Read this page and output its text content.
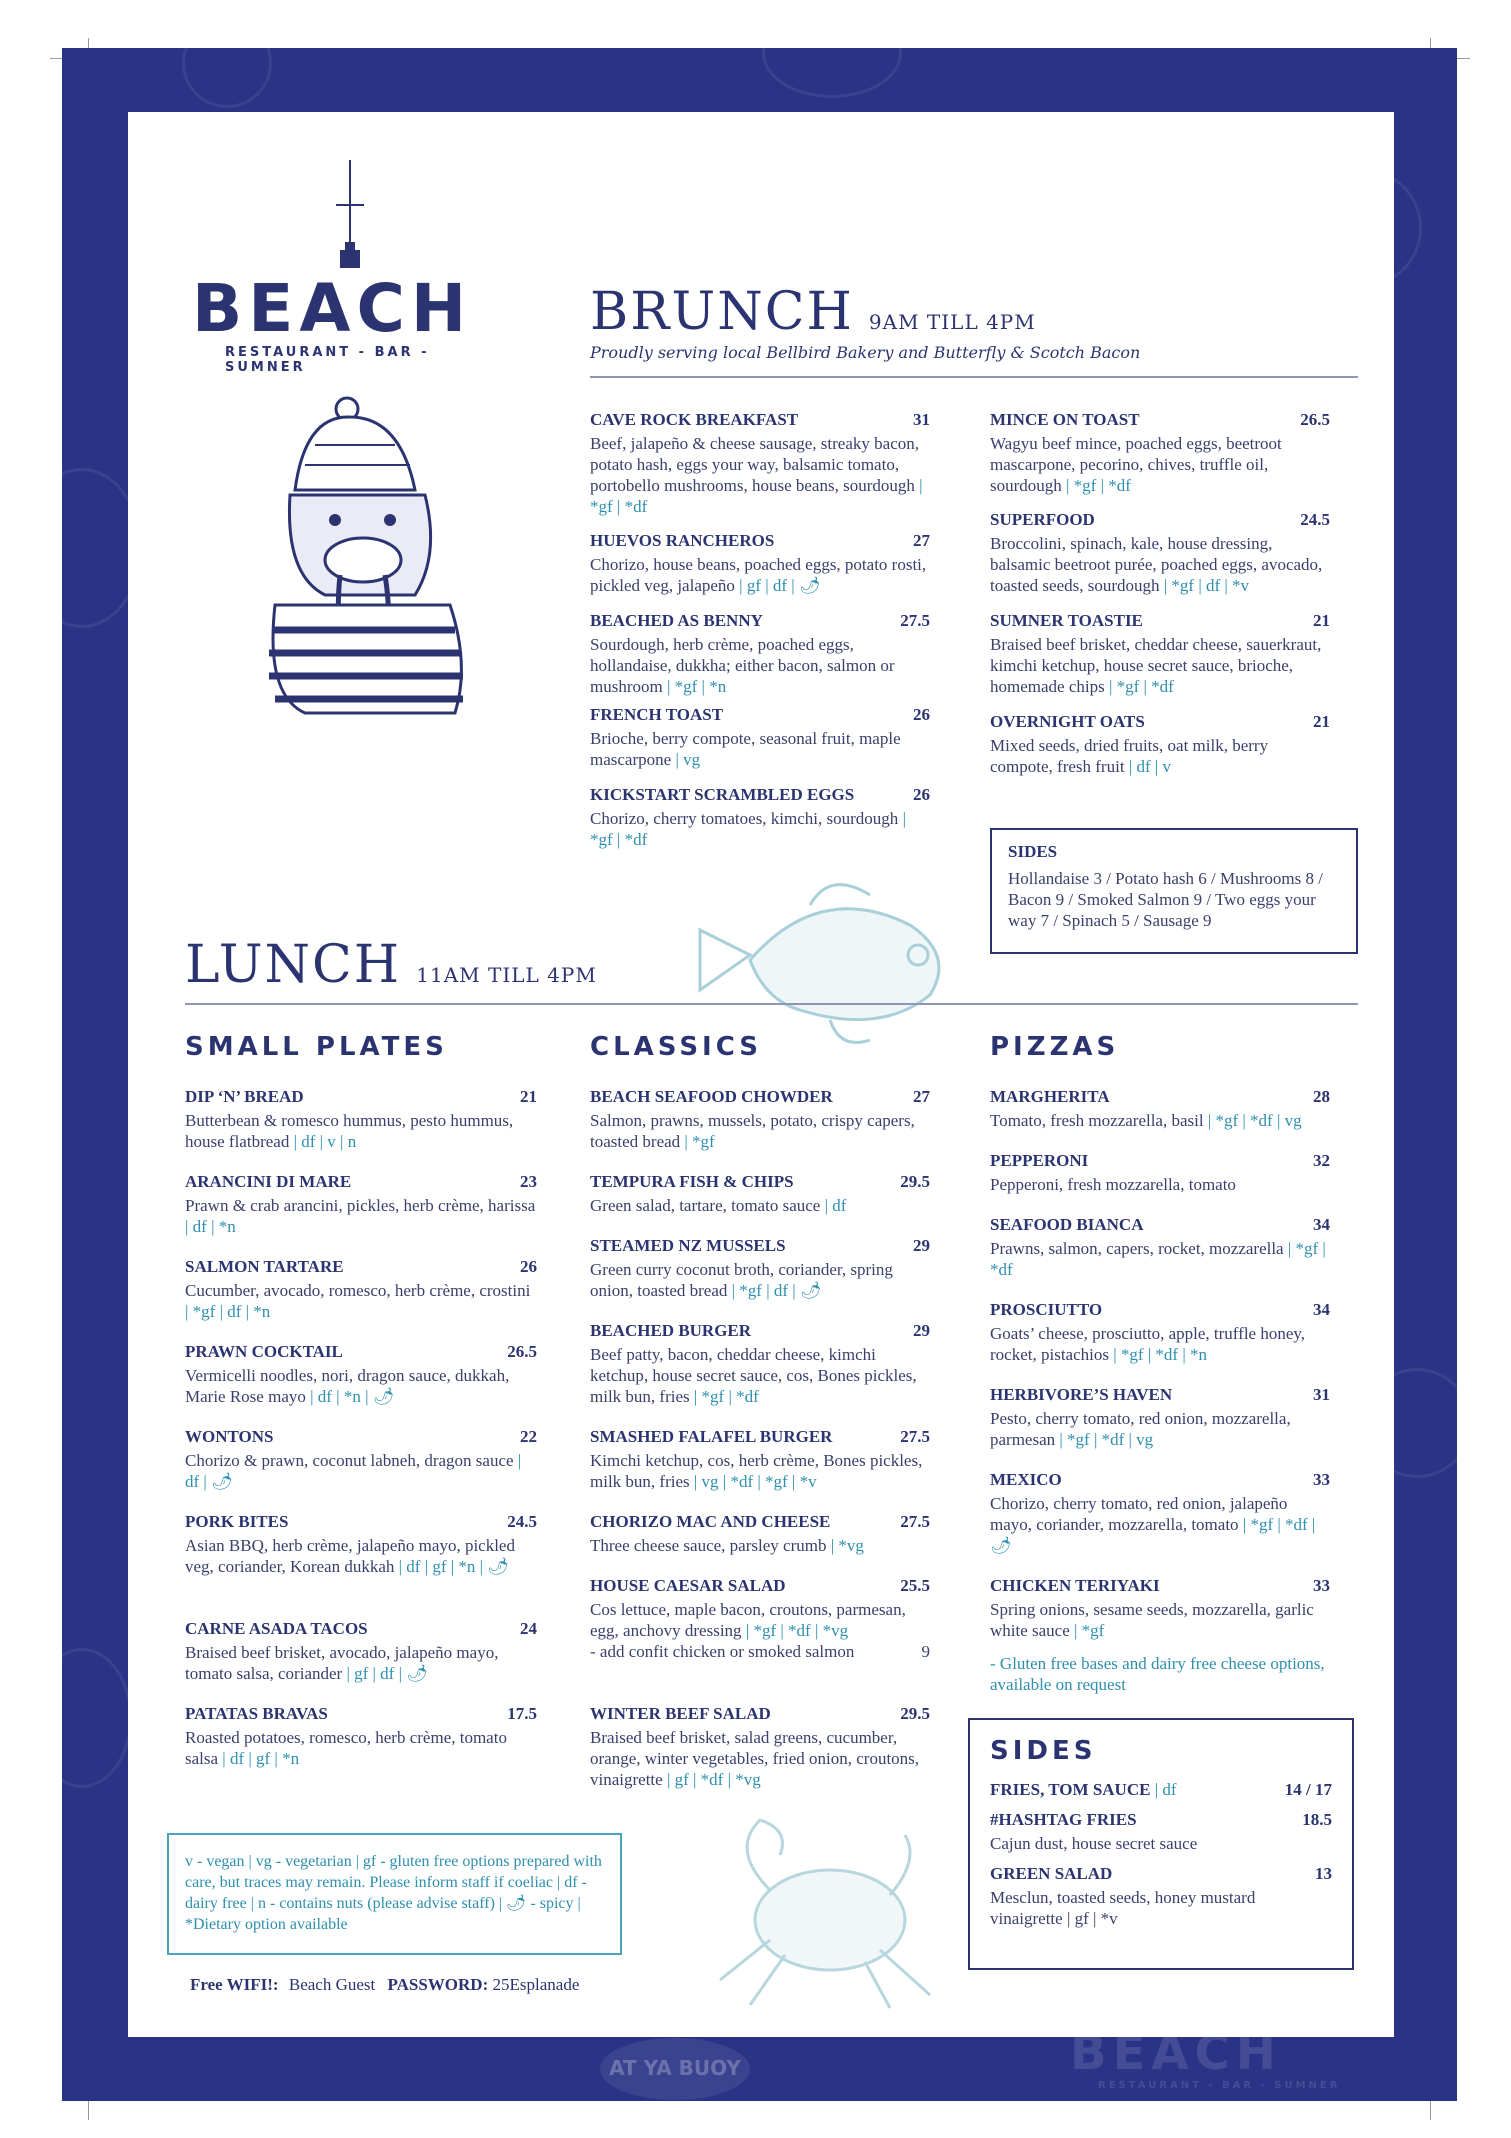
BEACH
RESTAURANT - BAR - SUMNER
BRUNCH 9AM TILL 4PM
Proudly serving local Bellbird Bakery and Butterfly & Scotch Bacon
CAVE ROCK BREAKFAST	31
Beef, jalapeño & cheese sausage, streaky bacon, potato hash, eggs your way, balsamic tomato, portobello mushrooms, house beans, sourdough | *gf | *df
HUEVOS RANCHEROS	27
Chorizo, house beans, poached eggs, potato rosti, pickled veg, jalapeño | gf | df | 🌶
BEACHED AS BENNY	27.5
Sourdough, herb crème, poached eggs, hollandaise, dukkha; either bacon, salmon or mushroom | *gf | *n
FRENCH TOAST	26
Brioche, berry compote, seasonal fruit, maple mascarpone | vg
KICKSTART SCRAMBLED EGGS	26
Chorizo, cherry tomatoes, kimchi, sourdough | *gf | *df
MINCE ON TOAST	26.5
Wagyu beef mince, poached eggs, beetroot mascarpone, pecorino, chives, truffle oil, sourdough | *gf | *df
SUPERFOOD	24.5
Broccolini, spinach, kale, house dressing, balsamic beetroot purée, poached eggs, avocado, toasted seeds, sourdough | *gf | df | *v
SUMNER TOASTIE	21
Braised beef brisket, cheddar cheese, sauerkraut, kimchi ketchup, house secret sauce, brioche, homemade chips | *gf | *df
OVERNIGHT OATS	21
Mixed seeds, dried fruits, oat milk, berry compote, fresh fruit | df | v
SIDES
Hollandaise 3 / Potato hash 6 / Mushrooms 8 / Bacon 9 / Smoked Salmon 9 / Two eggs your way 7 / Spinach 5 / Sausage 9
LUNCH 11AM TILL 4PM
SMALL PLATES	CLASSICS	PIZZAS
DIP ‘N’ BREAD	21
Butterbean & romesco hummus, pesto hummus, house flatbread | df | v | n
ARANCINI DI MARE	23
Prawn & crab arancini, pickles, herb crème, harissa | df | *n
SALMON TARTARE	26
Cucumber, avocado, romesco, herb crème, crostini | *gf | df | *n
PRAWN COCKTAIL	26.5
Vermicelli noodles, nori, dragon sauce, dukkah, Marie Rose mayo | df | *n | 🌶
WONTONS	22
Chorizo & prawn, coconut labneh, dragon sauce | df | 🌶
PORK BITES	24.5
Asian BBQ, herb crème, jalapeño mayo, pickled veg, coriander, Korean dukkah | df | gf | *n | 🌶
CARNE ASADA TACOS	24
Braised beef brisket, avocado, jalapeño mayo, tomato salsa, coriander | gf | df | 🌶
PATATAS BRAVAS	17.5
Roasted potatoes, romesco, herb crème, tomato salsa | df | gf | *n
BEACH SEAFOOD CHOWDER	27
Salmon, prawns, mussels, potato, crispy capers, toasted bread | *gf
TEMPURA FISH & CHIPS	29.5
Green salad, tartare, tomato sauce | df
STEAMED NZ MUSSELS	29
Green curry coconut broth, coriander, spring onion, toasted bread | *gf | df | 🌶
BEACHED BURGER	29
Beef patty, bacon, cheddar cheese, kimchi ketchup, house secret sauce, cos, Bones pickles, milk bun, fries | *gf | *df
SMASHED FALAFEL BURGER	27.5
Kimchi ketchup, cos, herb crème, Bones pickles, milk bun, fries | vg | *df | *gf | *v
CHORIZO MAC AND CHEESE	27.5
Three cheese sauce, parsley crumb | *vg
HOUSE CAESAR SALAD	25.5
Cos lettuce, maple bacon, croutons, parmesan, egg, anchovy dressing | *gf | *df | *vg
- add confit chicken or smoked salmon	9
WINTER BEEF SALAD	29.5
Braised beef brisket, salad greens, cucumber, orange, winter vegetables, fried onion, croutons, vinaigrette | gf | *df | *vg
MARGHERITA	28
Tomato, fresh mozzarella, basil | *gf | *df | vg
PEPPERONI	32
Pepperoni, fresh mozzarella, tomato
SEAFOOD BIANCA	34
Prawns, salmon, capers, rocket, mozzarella | *gf | *df
PROSCIUTTO	34
Goats’ cheese, prosciutto, apple, truffle honey, rocket, pistachios | *gf | *df | *n
HERBIVORE’S HAVEN	31
Pesto, cherry tomato, red onion, mozzarella, parmesan | *gf | *df | vg
MEXICO	33
Chorizo, cherry tomato, red onion, jalapeño mayo, coriander, mozzarella, tomato | *gf | *df | 🌶
CHICKEN TERIYAKI	33
Spring onions, sesame seeds, mozzarella, garlic white sauce | *gf
- Gluten free bases and dairy free cheese options, available on request
SIDES
FRIES, TOM SAUCE | df	14 / 17
#HASHTAG FRIES	18.5
Cajun dust, house secret sauce
GREEN SALAD	13
Mesclun, toasted seeds, honey mustard vinaigrette | gf | *v
v - vegan | vg - vegetarian | gf - gluten free options prepared with care, but traces may remain. Please inform staff if coeliac | df - dairy free | n - contains nuts (please advise staff) | 🌶 - spicy | *Dietary option available
Free WIFI!: Beach Guest PASSWORD: 25Esplanade
AT YA BUOY	BEACH
RESTAURANT - BAR - SUMNER
